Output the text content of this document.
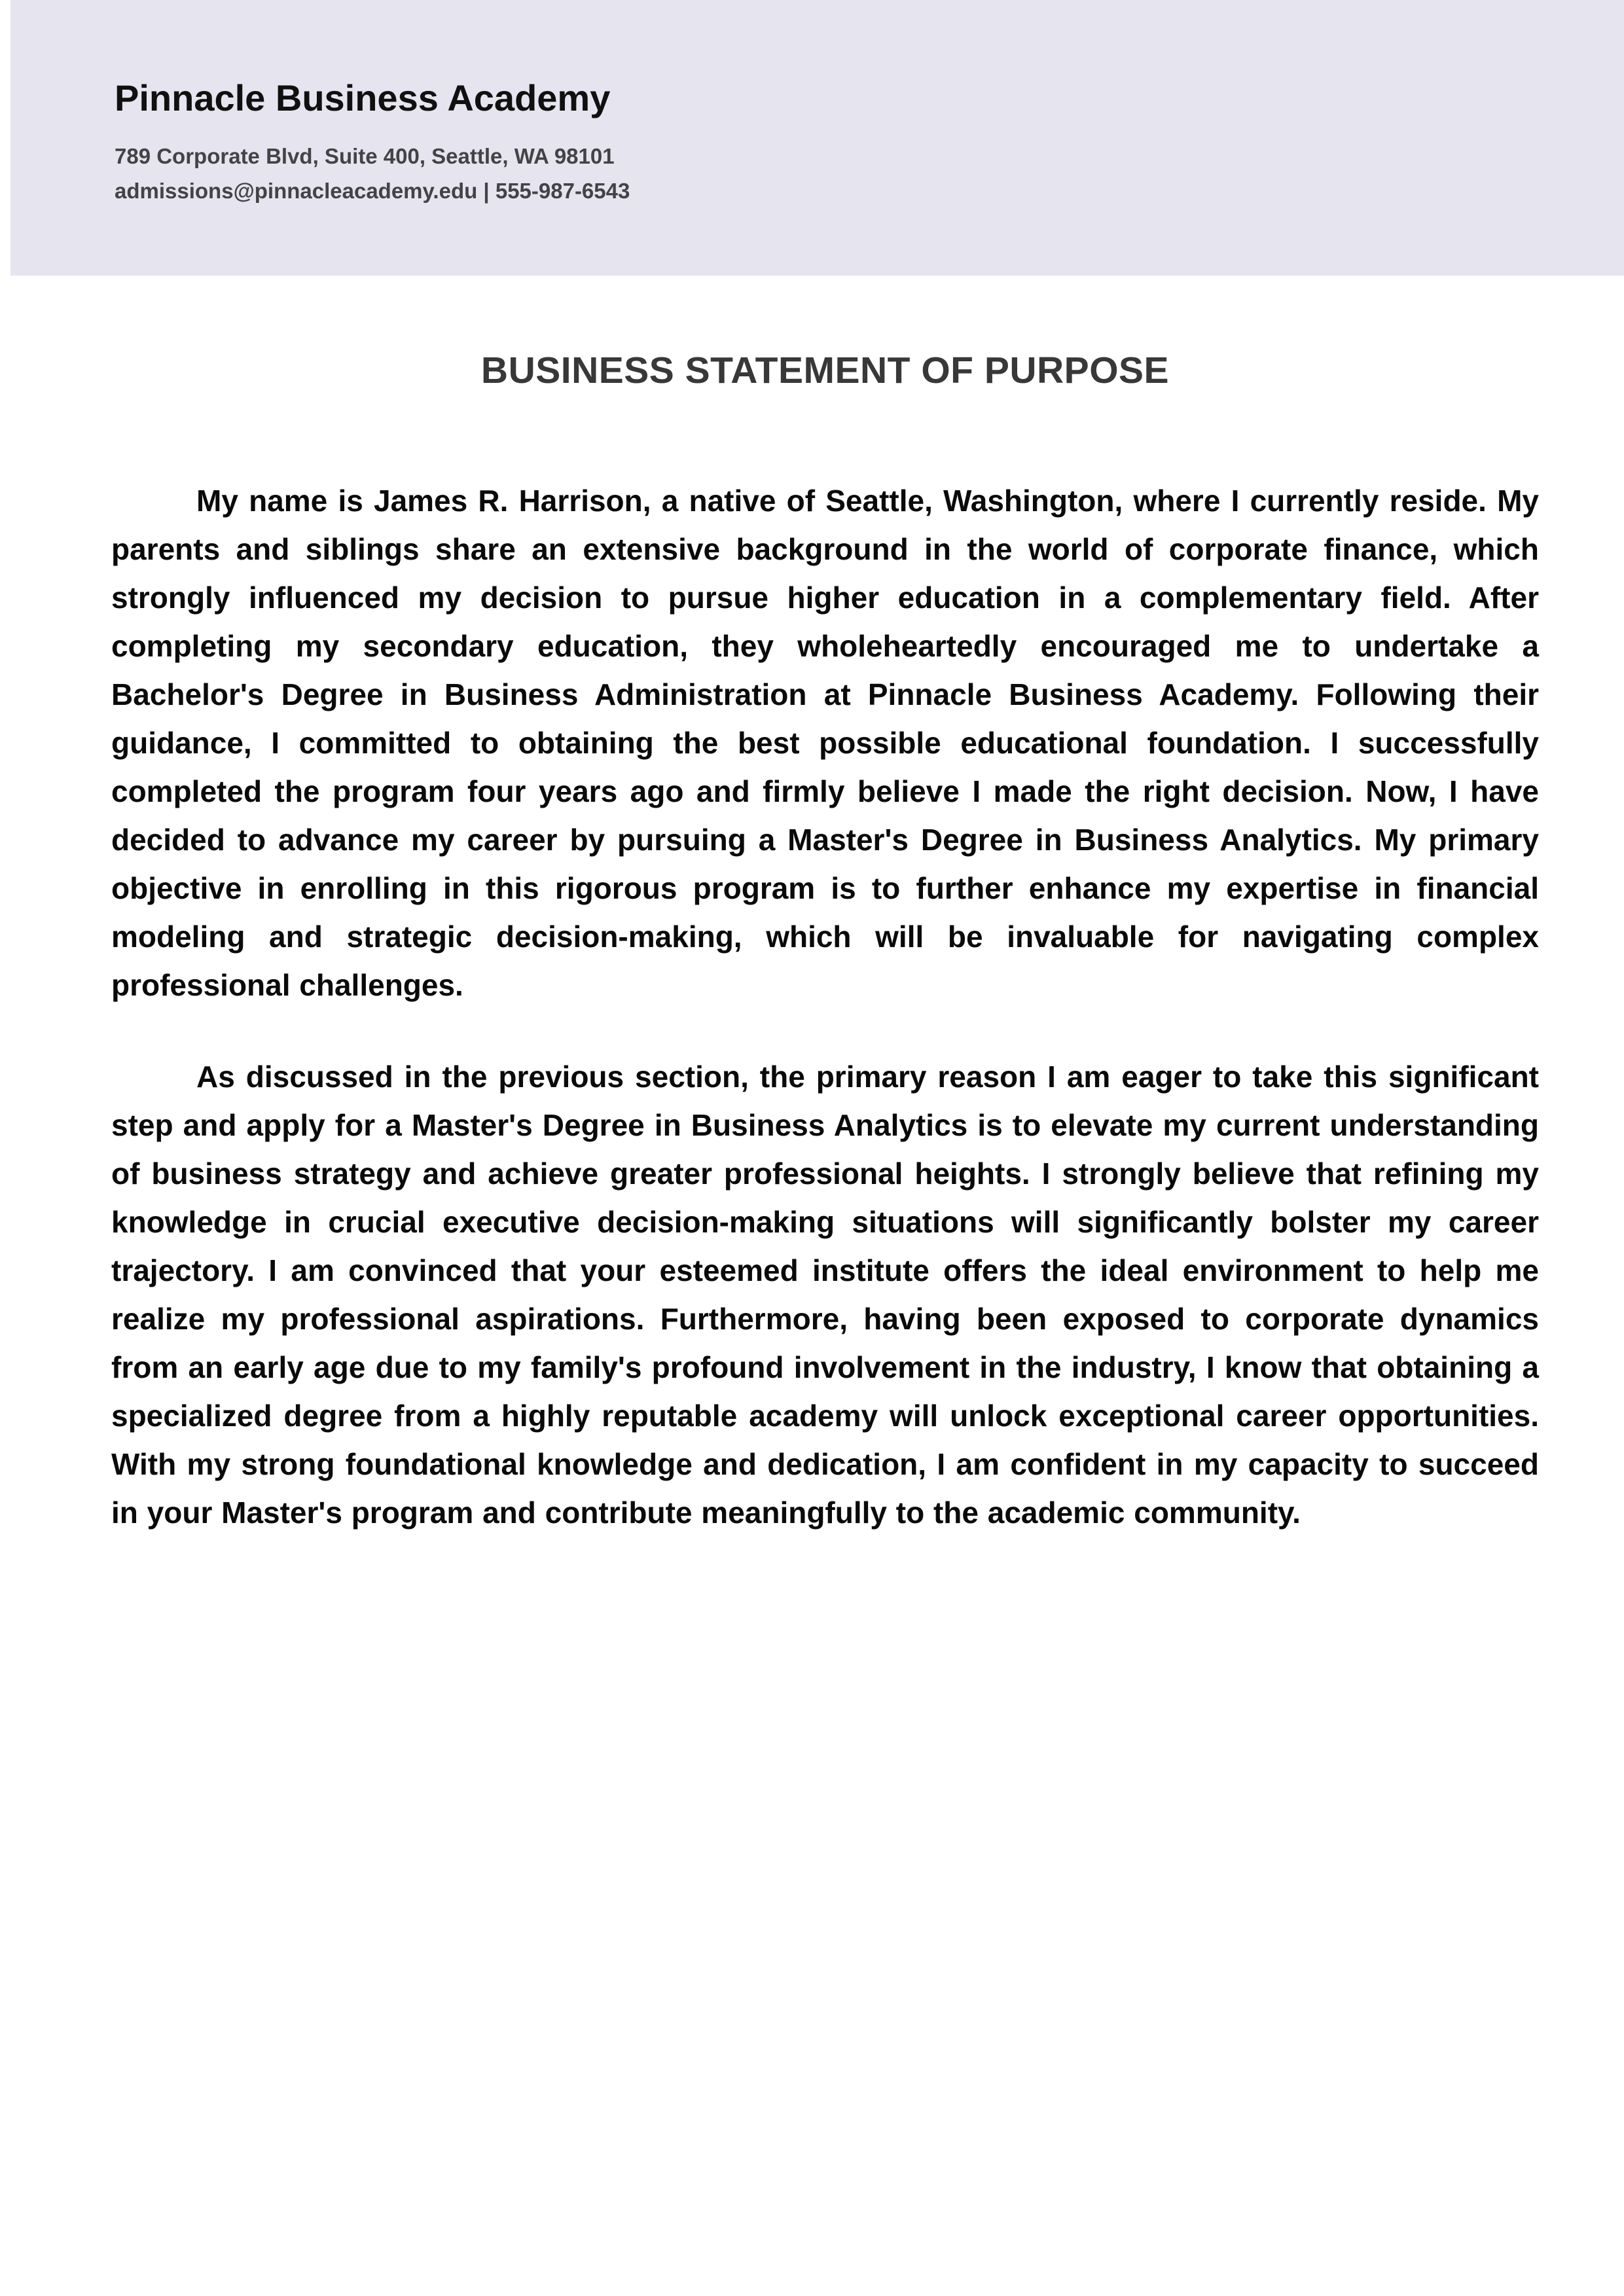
Pinnacle Business Academy

789 Corporate Blvd, Suite 400, Seattle, WA 98101

admissions@pinnacleacademy.edu | 555-987-6543

BUSINESS STATEMENT OF PURPOSE

My name is James R. Harrison, a native of Seattle, Washington, where I currently reside. My parents and siblings share an extensive background in the world of corporate finance, which strongly influenced my decision to pursue higher education in a complementary field. After completing my secondary education, they wholeheartedly encouraged me to undertake a Bachelor's Degree in Business Administration at Pinnacle Business Academy. Following their guidance, I committed to obtaining the best possible educational foundation. I successfully completed the program four years ago and firmly believe I made the right decision. Now, I have decided to advance my career by pursuing a Master's Degree in Business Analytics. My primary objective in enrolling in this rigorous program is to further enhance my expertise in financial modeling and strategic decision-making, which will be invaluable for navigating complex professional challenges.

As discussed in the previous section, the primary reason I am eager to take this significant step and apply for a Master's Degree in Business Analytics is to elevate my current understanding of business strategy and achieve greater professional heights. I strongly believe that refining my knowledge in crucial executive decision-making situations will significantly bolster my career trajectory. I am convinced that your esteemed institute offers the ideal environment to help me realize my professional aspirations. Furthermore, having been exposed to corporate dynamics from an early age due to my family's profound involvement in the industry, I know that obtaining a specialized degree from a highly reputable academy will unlock exceptional career opportunities. With my strong foundational knowledge and dedication, I am confident in my capacity to succeed in your Master's program and contribute meaningfully to the academic community.
